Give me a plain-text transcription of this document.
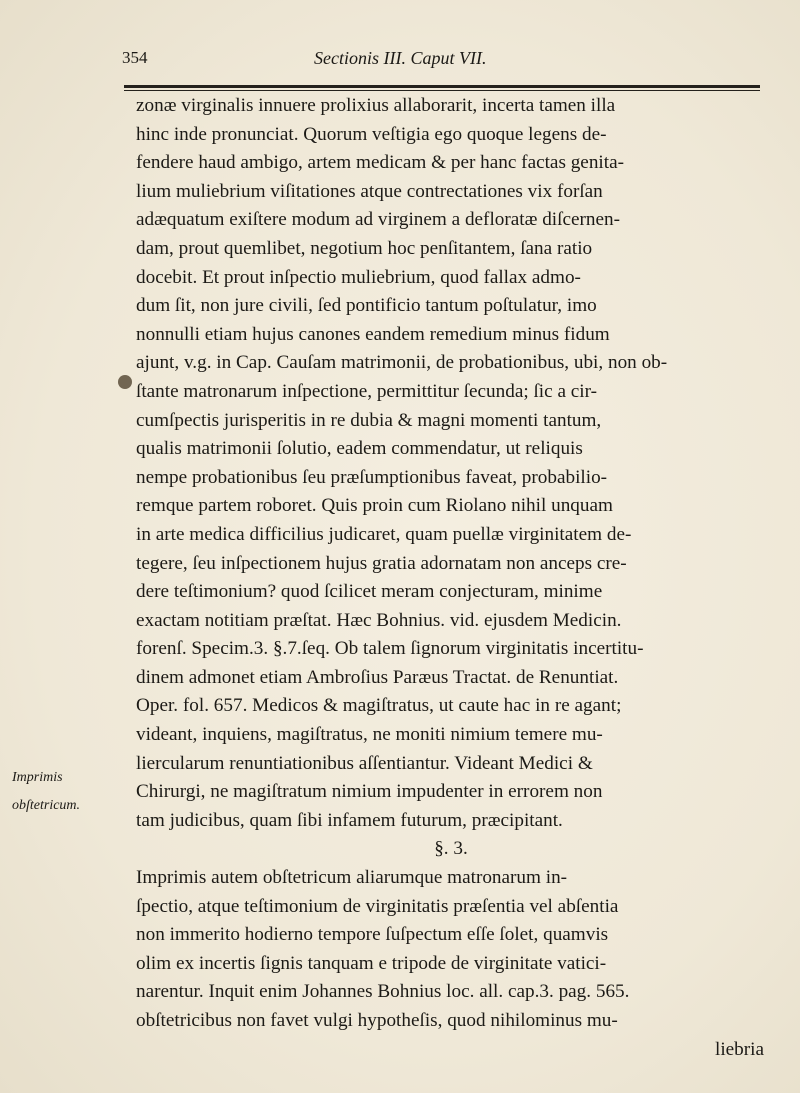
354	Sectionis III. Caput VII.
Imprimis
obſtetricum.
zonæ virginalis innuere prolixius allaborarit, incerta tamen illa
hinc inde pronunciat. Quorum veſtigia ego quoque legens de-
fendere haud ambigo, artem medicam & per hanc factas genita-
lium muliebrium viſitationes atque contrectationes vix forſan
adæquatum exiſtere modum ad virginem a defloratæ diſcernen-
dam, prout quemlibet, negotium hoc penſitantem, ſana ratio
docebit. Et prout inſpectio muliebrium, quod fallax admo-
dum ſit, non jure civili, ſed pontificio tantum poſtulatur, imo
nonnulli etiam hujus canones eandem remedium minus fidum
ajunt, v.g. in Cap. Cauſam matrimonii, de probationibus, ubi, non ob-
ſtante matronarum inſpectione, permittitur ſecunda; ſic a cir-
cumſpectis jurisperitis in re dubia & magni momenti tantum,
qualis matrimonii ſolutio, eadem commendatur, ut reliquis
nempe probationibus ſeu præſumptionibus faveat, probabilio-
remque partem roboret. Quis proin cum Riolano nihil unquam
in arte medica difficilius judicaret, quam puellæ virginitatem de-
tegere, ſeu inſpectionem hujus gratia adornatam non anceps cre-
dere teſtimonium? quod ſcilicet meram conjecturam, minime
exactam notitiam præſtat. Hæc Bohnius. vid. ejusdem Medicin.
forenſ. Specim.3. §.7.ſeq. Ob talem ſignorum virginitatis incertitu-
dinem admonet etiam Ambroſius Paræus Tractat. de Renuntiat.
Oper. fol. 657. Medicos & magiſtratus, ut caute hac in re agant;
videant, inquiens, magiſtratus, ne moniti nimium temere mu-
liercularum renuntiationibus aſſentiantur. Videant Medici &
Chirurgi, ne magiſtratum nimium impudenter in errorem non
tam judicibus, quam ſibi infamem futurum, præcipitant.
§. 3.
Imprimis autem obſtetricum aliarumque matronarum in-
ſpectio, atque teſtimonium de virginitatis præſentia vel abſentia
non immerito hodierno tempore ſuſpectum eſſe ſolet, quamvis
olim ex incertis ſignis tanquam e tripode de virginitate vatici-
narentur. Inquit enim Johannes Bohnius loc. all. cap.3. pag. 565.
obſtetricibus non favet vulgi hypotheſis, quod nihilominus mu-
liebria
